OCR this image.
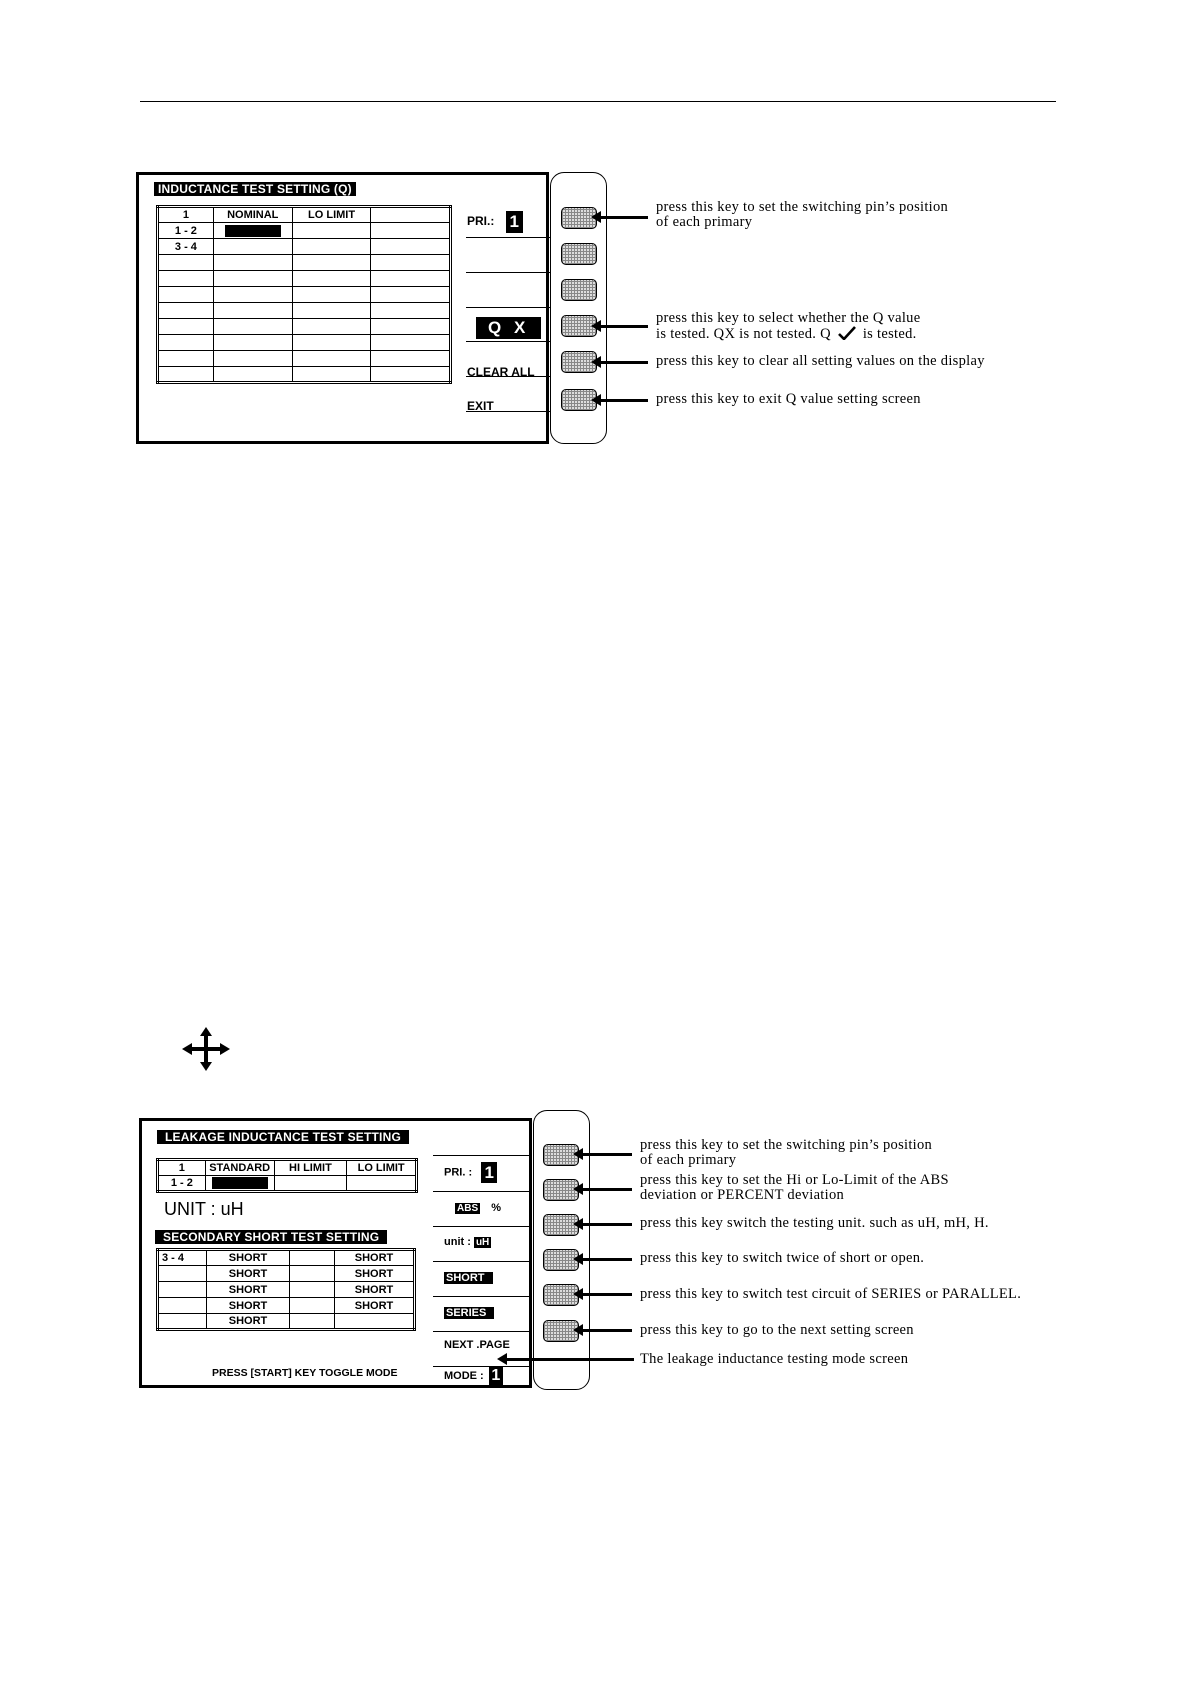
INDUCTANCE TEST SETTING (Q)
1	NOMINAL	LO LIMIT	
1 - 2			
3 - 4			

PRI.: 1
Q X
CLEAR ALL
EXIT
press this key to set the switching pin’s position
of each primary
press this key to select whether the Q value
is tested. QX is not tested. Q is tested.
press this key to clear all setting values on the display
press this key to exit Q value setting screen
LEAKAGE INDUCTANCE TEST SETTING
1	STANDARD	HI LIMIT	LO LIMIT
1 - 2			
UNIT : uH
SECONDARY SHORT TEST SETTING
3 - 4	SHORT		SHORT
	SHORT		SHORT
	SHORT		SHORT
	SHORT		SHORT
	SHORT		
PRESS [START] KEY TOGGLE MODE
PRI. : 1
ABS %
unit : uH
SHORT
SERIES
NEXT .PAGE
MODE : 1
press this key to set the switching pin’s position
of each primary
press this key to set the Hi or Lo-Limit of the ABS
deviation or PERCENT deviation
press this key switch the testing unit. such as uH, mH, H.
press this key to switch twice of short or open.
press this key to switch test circuit of SERIES or PARALLEL.
press this key to go to the next setting screen
The leakage inductance testing mode screen
